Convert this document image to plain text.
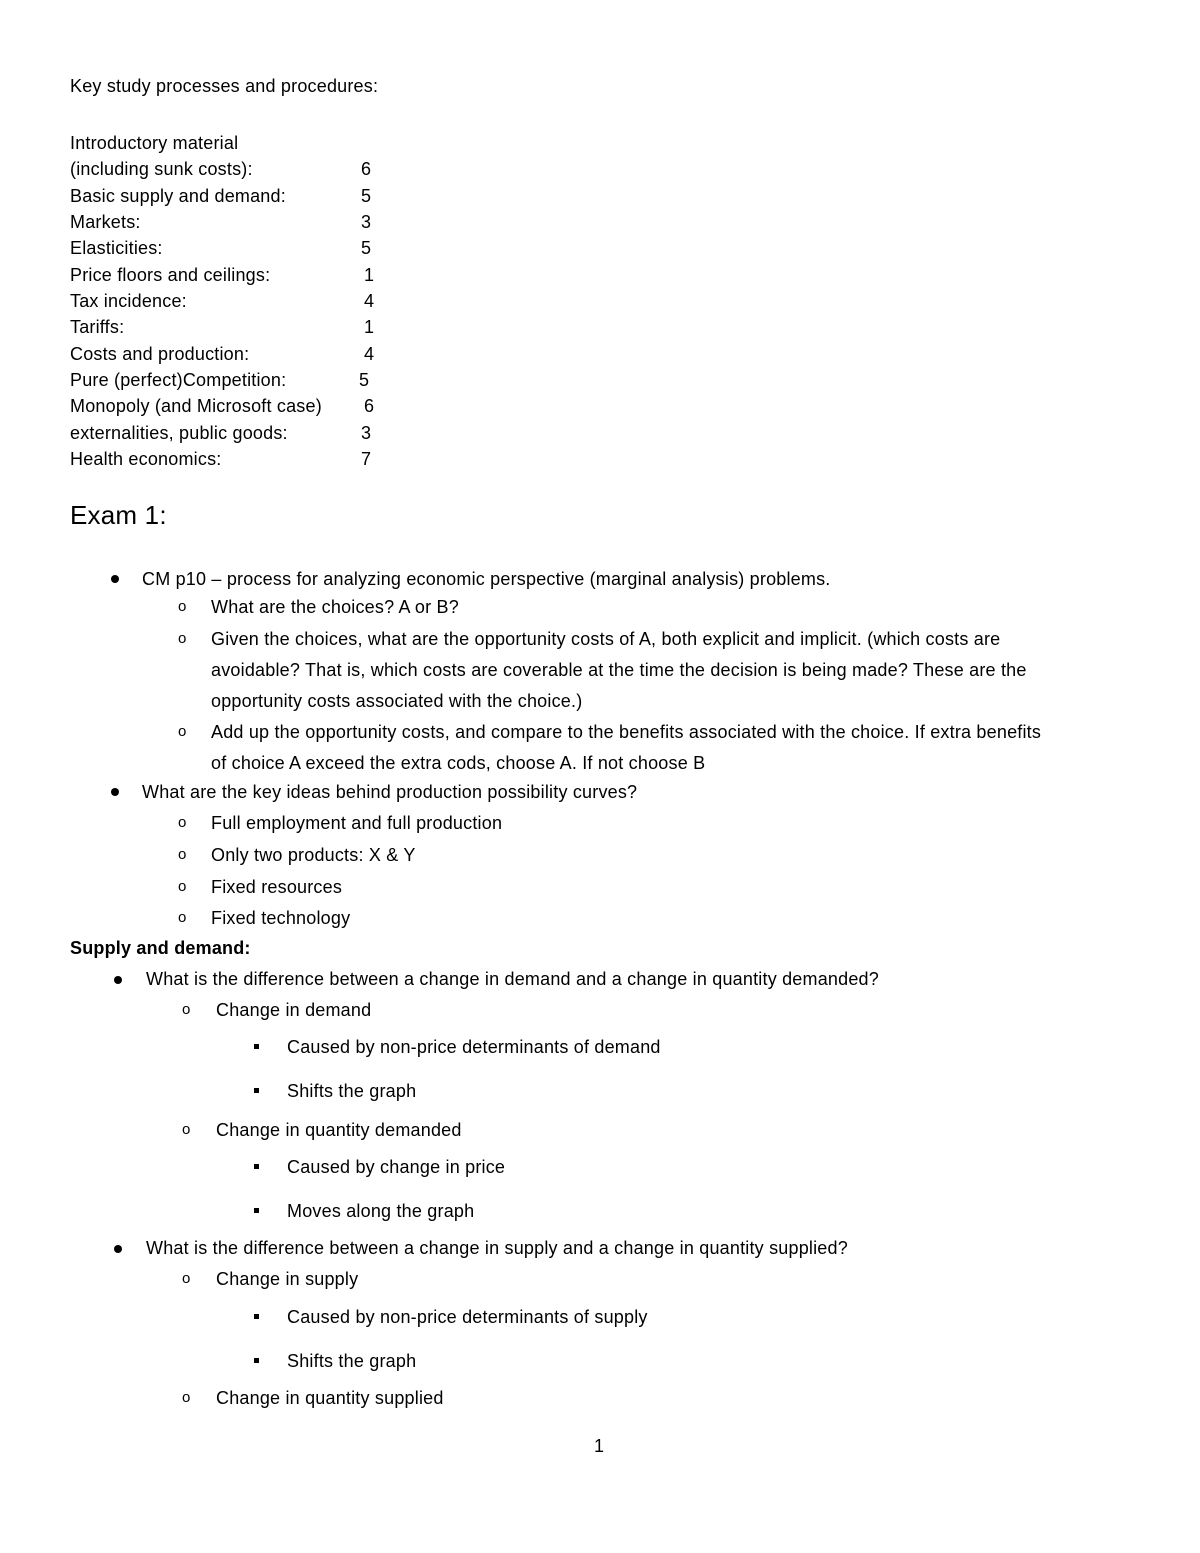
Key study processes and procedures:
Introductory material
(including sunk costs):	6
Basic supply and demand:	5
Markets:	3
Elasticities:	5
Price floors and ceilings:	1
Tax incidence:	4
Tariffs:	1
Costs and production:	4
Pure (perfect)Competition:	5
Monopoly (and Microsoft case) 6
externalities, public goods:	3
Health economics:	7
Exam 1:
CM p10 – process for analyzing economic perspective (marginal analysis) problems.
o What are the choices? A or B?
o Given the choices, what are the opportunity costs of A, both explicit and implicit. (which costs are
avoidable? That is, which costs are coverable at the time the decision is being made? These are the
opportunity costs associated with the choice.)
o Add up the opportunity costs, and compare to the benefits associated with the choice. If extra benefits
of choice A exceed the extra cods, choose A. If not choose B
What are the key ideas behind production possibility curves?
o Full employment and full production
o Only two products: X & Y
o Fixed resources
o Fixed technology
Supply and demand:
What is the difference between a change in demand and a change in quantity demanded?
o Change in demand
Caused by non-price determinants of demand
Shifts the graph
o Change in quantity demanded
Caused by change in price
Moves along the graph
What is the difference between a change in supply and a change in quantity supplied?
o Change in supply
Caused by non-price determinants of supply
Shifts the graph
o Change in quantity supplied
1
